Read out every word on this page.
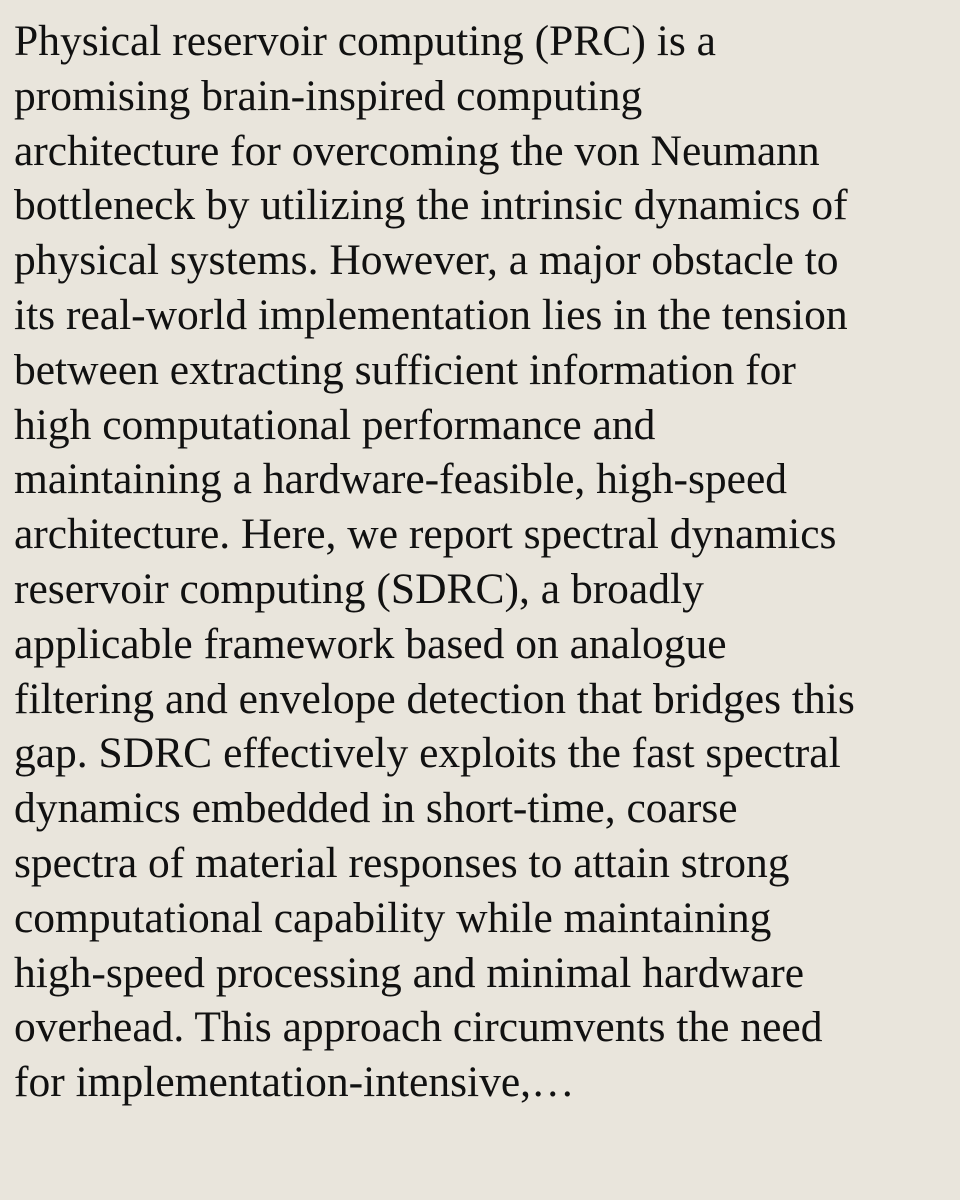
Physical reservoir computing (PRC) is a
promising brain-inspired computing
architecture for overcoming the von Neumann
bottleneck by utilizing the intrinsic dynamics of
physical systems. However, a major obstacle to
its real-world implementation lies in the tension
between extracting sufficient information for
high computational performance and
maintaining a hardware-feasible, high-speed
architecture. Here, we report spectral dynamics
reservoir computing (SDRC), a broadly
applicable framework based on analogue
filtering and envelope detection that bridges this
gap. SDRC effectively exploits the fast spectral
dynamics embedded in short-time, coarse
spectra of material responses to attain strong
computational capability while maintaining
high-speed processing and minimal hardware
overhead. This approach circumvents the need
for implementation-intensive,…
